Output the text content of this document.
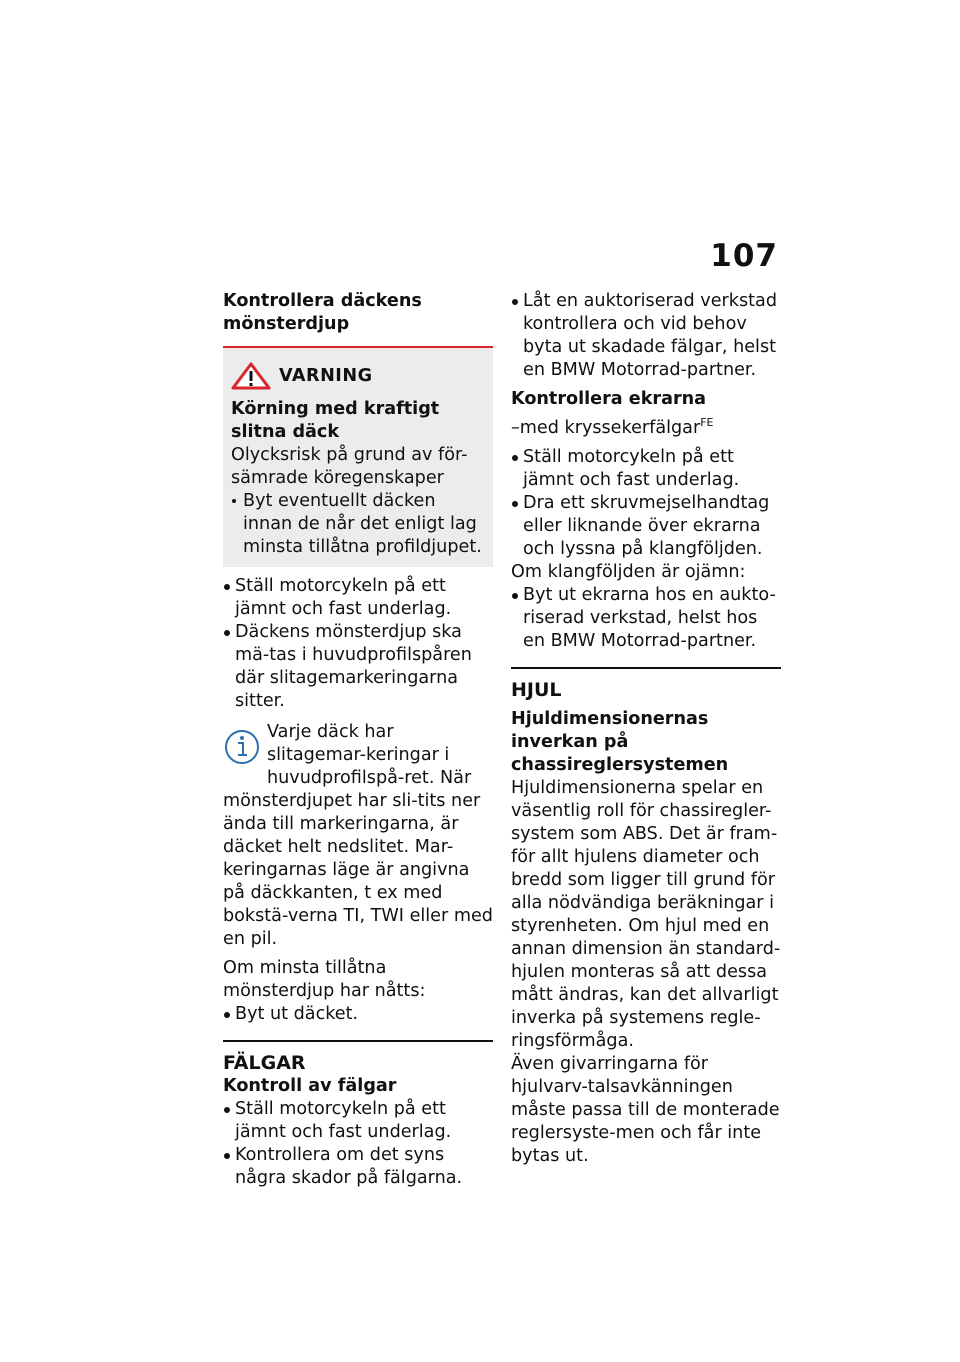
107
Kontrollera däckens mönsterdjup
VARNING
Körning med kraftigt slitna däck
Olycksrisk på grund av för-sämrade köregenskaper
Byt eventuellt däcken innan de når det enligt lag minsta tillåtna profildjupet.
Ställ motorcykeln på ett jämnt och fast underlag.
Däckens mönsterdjup ska mä-tas i huvudprofilspåren där slitagemarkeringarna sitter.
Varje däck har slitagemar-keringar i huvudprofilspå-ret. När mönsterdjupet har sli-tits ner ända till markeringarna, är däcket helt nedslitet. Mar-keringarnas läge är angivna på däckkanten, t ex med bokstä-verna TI, TWI eller med en pil.
Om minsta tillåtna mönsterdjup har nåtts:
Byt ut däcket.
FÄLGAR
Kontroll av fälgar
Ställ motorcykeln på ett jämnt och fast underlag.
Kontrollera om det syns några skador på fälgarna.
Låt en auktoriserad verkstad kontrollera och vid behov byta ut skadade fälgar, helst en BMW Motorrad-partner.
Kontrollera ekrarna
–med kryssekerfälgar$^{FE}$
Ställ motorcykeln på ett jämnt och fast underlag.
Dra ett skruvmejselhandtag eller liknande över ekrarna och lyssna på klangföljden.
Om klangföljden är ojämn:
Byt ut ekrarna hos en aukto-riserad verkstad, helst hos en BMW Motorrad-partner.
HJUL
Hjuldimensionernas inverkan på chassireglersystemen
Hjuldimensionerna spelar en väsentlig roll för chassiregler-system som ABS. Det är fram-för allt hjulens diameter och bredd som ligger till grund för alla nödvändiga beräkningar i styrenheten. Om hjul med en annan dimension än standard-hjulen monteras så att dessa mått ändras, kan det allvarligt inverka på systemens regle-ringsförmåga.
Även givarringarna för hjulvarv-talsavkänningen måste passa till de monterade reglersyste-men och får inte bytas ut.
